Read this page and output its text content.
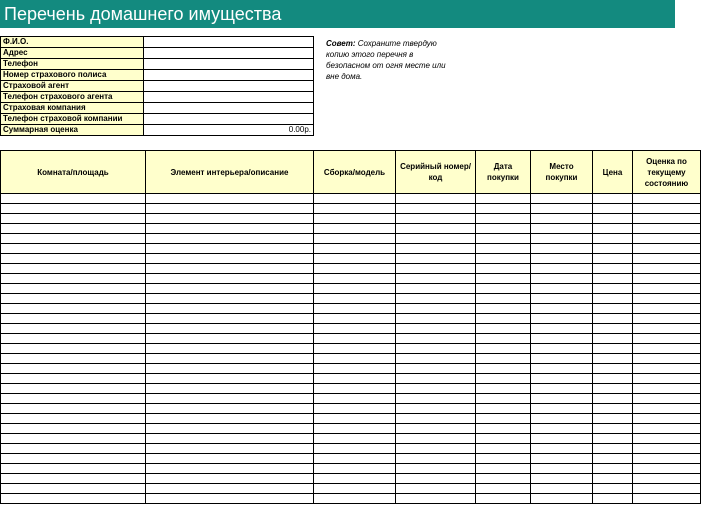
Перечень домашнего имущества
Ф.И.О.	
Адрес	
Телефон	
Номер страхового полиса	
Страховой агент	
Телефон страхового агента	
Страховая компания	
Телефон страховой компании	
Суммарная оценка	0.00р.
Совет: Сохраните твердую копию этого перечня в безопасном от огня месте или вне дома.
Комната/площадь	Элемент интерьера/описание	Сборка/модель	Серийный номер/ код	Дата покупки	Место покупки	Цена	Оценка по текущему состоянию
